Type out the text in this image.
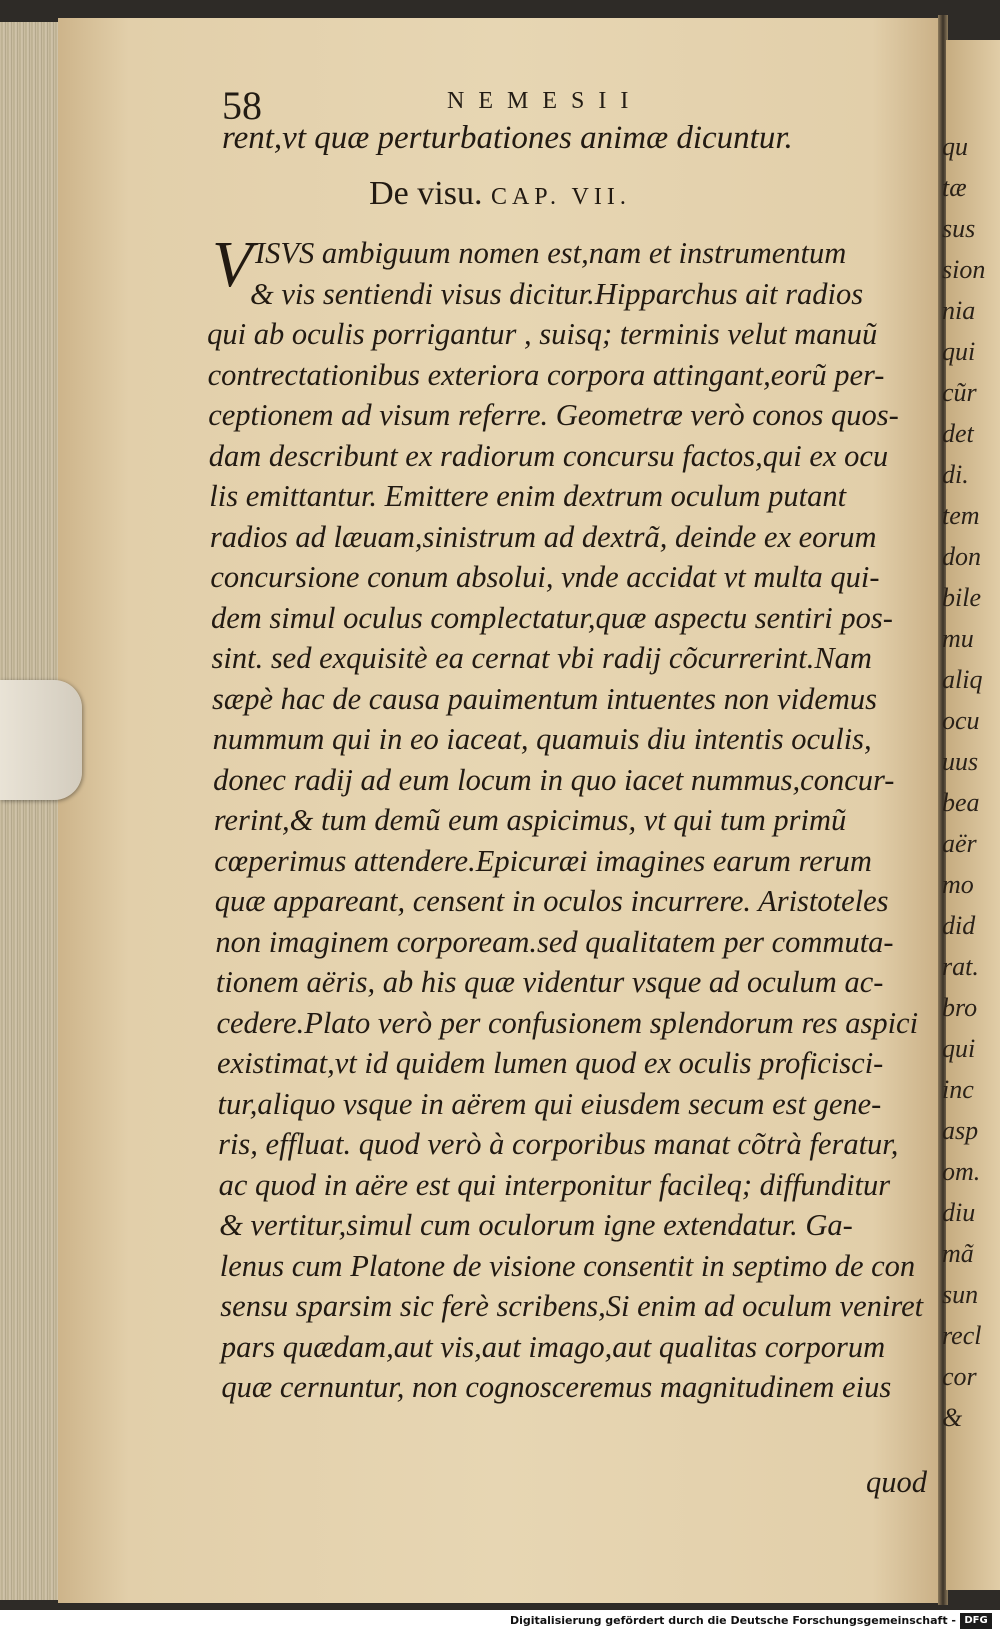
qu
tæ
sus
sion
nia
qui
cũr
det
di.
tem
don
bile
mu
aliq
ocu
uus
bea
aër
mo
did
rat.
bro
qui
inc
asp
om.
diu
mã
sun
recl
cor
&
58	NEMESII
rent,vt quæ perturbationes animæ dicuntur.
De visu. CAP. VII.
V ISVS ambiguum nomen est,nam et instrumentum
& vis sentiendi visus dicitur.Hipparchus ait radios
qui ab oculis porrigantur , suisq; terminis velut manuũ
contrectationibus exteriora corpora attingant,eorũ per-
ceptionem ad visum referre. Geometræ verò conos quos-
dam describunt ex radiorum concursu factos,qui ex ocu
lis emittantur. Emittere enim dextrum oculum putant
radios ad læuam,sinistrum ad dextrã, deinde ex eorum
concursione conum absolui, vnde accidat vt multa qui-
dem simul oculus complectatur,quæ aspectu sentiri pos-
sint. sed exquisitè ea cernat vbi radij cõcurrerint.Nam
sæpè hac de causa pauimentum intuentes non videmus
nummum qui in eo iaceat, quamuis diu intentis oculis,
donec radij ad eum locum in quo iacet nummus,concur-
rerint,& tum demũ eum aspicimus, vt qui tum primũ
cœperimus attendere.Epicuræi imagines earum rerum
quæ appareant, censent in oculos incurrere. Aristoteles
non imaginem corpoream.sed qualitatem per commuta-
tionem aëris, ab his quæ videntur vsque ad oculum ac-
cedere.Plato verò per confusionem splendorum res aspici
existimat,vt id quidem lumen quod ex oculis proficisci-
tur,aliquo vsque in aërem qui eiusdem secum est gene-
ris, effluat. quod verò à corporibus manat cõtrà feratur,
ac quod in aëre est qui interponitur facileq; diffunditur
& vertitur,simul cum oculorum igne extendatur. Ga-
lenus cum Platone de visione consentit in septimo de con
sensu sparsim sic ferè scribens,Si enim ad oculum veniret
pars quædam,aut vis,aut imago,aut qualitas corporum
quæ cernuntur, non cognosceremus magnitudinem eius
quod
Digitalisierung gefördert durch die Deutsche Forschungsgemeinschaft - DFG
